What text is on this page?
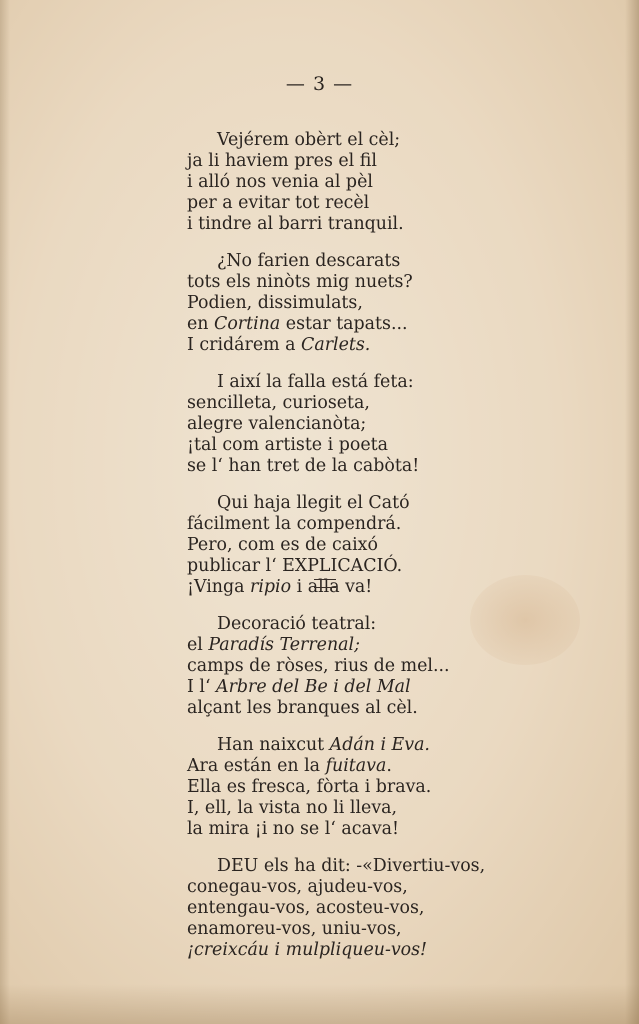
— 3 —
Vejérem obèrt el cèl;
ja li haviem pres el fil
i alló nos venia al pèl
per a evitar tot recèl
i tindre al barri tranquil.
¿No farien descarats
tots els ninòts mig nuets?
Podien, dissimulats,
en Cortina estar tapats...
I cridárem a Carlets.
I així la falla está feta:
sencilleta, curioseta,
alegre valencianòta;
¡tal com artiste i poeta
se l‘ han tret de la cabòta!
Qui haja llegit el Cató
fácilment la compendrá.
Pero, com es de caixó
publicar l‘ EXPLICACIÓ.
¡Vinga ripio i alla va!
Decoració teatral:
el Paradís Terrenal;
camps de ròses, rius de mel...
I l‘ Arbre del Be i del Mal
alçant les branques al cèl.
Han naixcut Adán i Eva.
Ara están en la fuitava.
Ella es fresca, fòrta i brava.
I, ell, la vista no li lleva,
la mira ¡i no se l‘ acava!
DEU els ha dit: -«Divertiu-vos,
conegau-vos, ajudeu-vos,
entengau-vos, acosteu-vos,
enamoreu-vos, uniu-vos,
¡creixcáu i mulpliqueu-vos!
